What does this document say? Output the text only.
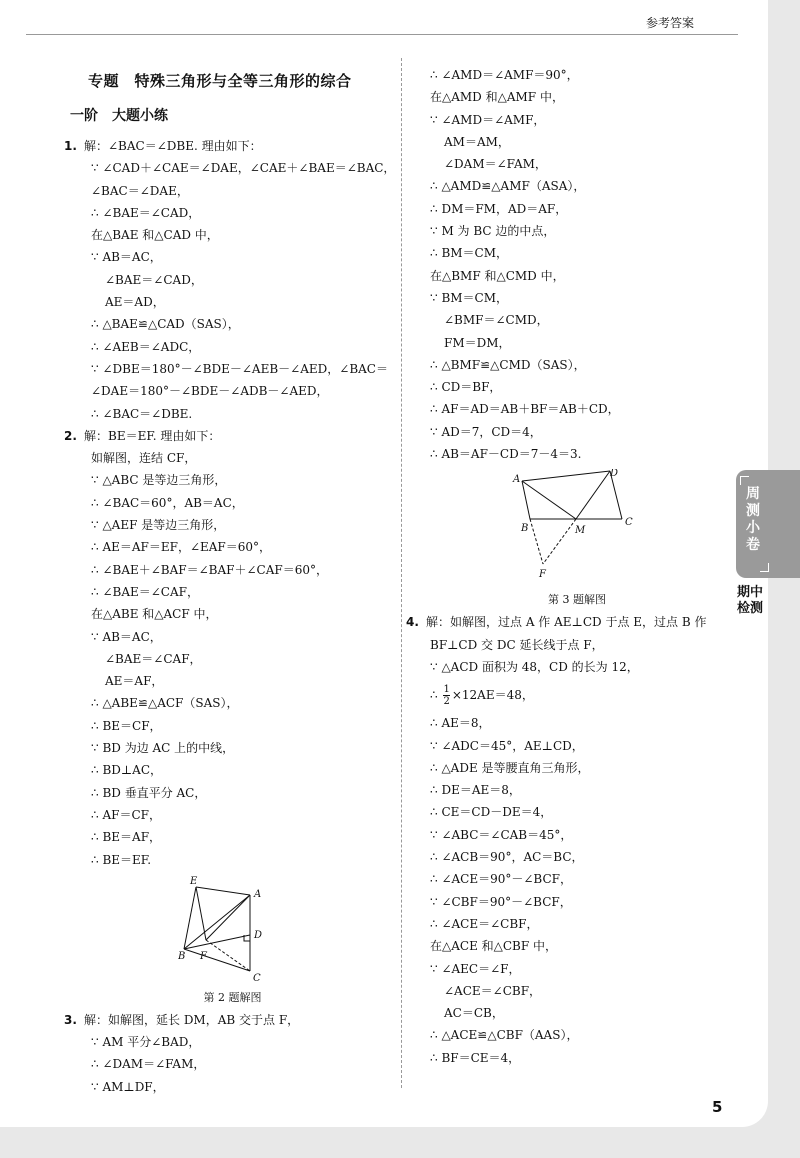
参考答案
专题　特殊三角形与全等三角形的综合
一阶　大题小练
1. 解：∠BAC＝∠DBE. 理由如下：
∵ ∠CAD＋∠CAE＝∠DAE，∠CAE＋∠BAE＝∠BAC，
∠BAC＝∠DAE，
∴ ∠BAE＝∠CAD，
在△BAE 和△CAD 中，
∵ AB＝AC，
∠BAE＝∠CAD，
AE＝AD，
∴ △BAE≌△CAD（SAS），
∴ ∠AEB＝∠ADC，
∵ ∠DBE＝180°－∠BDE－∠AEB－∠AED，∠BAC＝
∠DAE＝180°－∠BDE－∠ADB－∠AED，
∴ ∠BAC＝∠DBE.
2. 解：BE＝EF. 理由如下：
如解图，连结 CF，
∵ △ABC 是等边三角形，
∴ ∠BAC＝60°，AB＝AC，
∵ △AEF 是等边三角形，
∴ AE＝AF＝EF，∠EAF＝60°，
∴ ∠BAE＋∠BAF＝∠BAF＋∠CAF＝60°，
∴ ∠BAE＝∠CAF，
在△ABE 和△ACF 中，
∵ AB＝AC，
∠BAE＝∠CAF，
AE＝AF，
∴ △ABE≌△ACF（SAS），
∴ BE＝CF，
∵ BD 为边 AC 上的中线，
∴ BD⊥AC，
∴ BD 垂直平分 AC，
∴ AF＝CF，
∴ BE＝AF，
∴ BE＝EF.
E
A
D
B F
C
第 2 题解图
3. 解：如解图，延长 DM，AB 交于点 F，
∵ AM 平分∠BAD，
∴ ∠DAM＝∠FAM，
∵ AM⊥DF，
∴ ∠AMD＝∠AMF＝90°，
在△AMD 和△AMF 中，
∵ ∠AMD＝∠AMF，
AM＝AM，
∠DAM＝∠FAM，
∴ △AMD≌△AMF（ASA），
∴ DM＝FM，AD＝AF，
∵ M 为 BC 边的中点，
∴ BM＝CM，
在△BMF 和△CMD 中，
∵ BM＝CM，
∠BMF＝∠CMD，
FM＝DM，
∴ △BMF≌△CMD（SAS），
∴ CD＝BF，
∴ AF＝AD＝AB＋BF＝AB＋CD，
∵ AD＝7，CD＝4，
∴ AB＝AF－CD＝7－4＝3.
A
D
B	M
C
F
第 3 题解图
4. 解：如解图，过点 A 作 AE⊥CD 于点 E，过点 B 作
BF⊥CD 交 DC 延长线于点 F，
∵ △ACD 面积为 48，CD 的长为 12，
∴ $\frac{1}{2} \times 12AE=48$，
∴ AE＝8，
∵ ∠ADC＝45°，AE⊥CD，
∴ △ADE 是等腰直角三角形，
∴ DE＝AE＝8，
∴ CE＝CD－DE＝4，
∵ ∠ABC＝∠CAB＝45°，
∴ ∠ACB＝90°，AC＝BC，
∴ ∠ACE＝90°－∠BCF，
∵ ∠CBF＝90°－∠BCF，
∴ ∠ACE＝∠CBF，
在△ACE 和△CBF 中，
∵ ∠AEC＝∠F，
∠ACE＝∠CBF，
AC＝CB，
∴ △ACE≌△CBF（AAS），
∴ BF＝CE＝4，
5
周测小卷
期中检测
